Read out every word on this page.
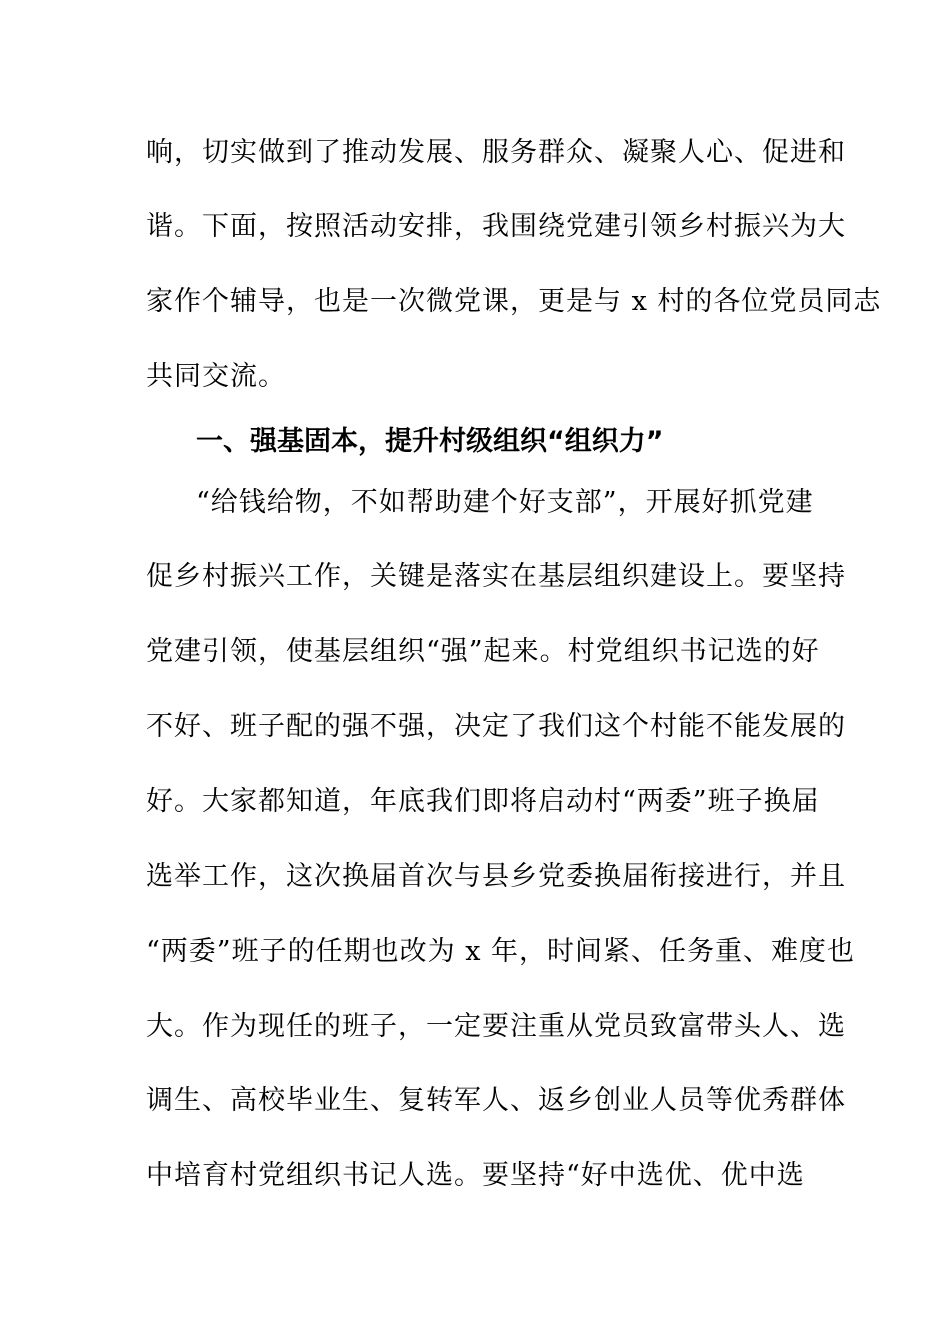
响，切实做到了推动发展、服务群众、凝聚人心、促进和
谐。下面，按照活动安排，我围绕党建引领乡村振兴为大
家作个辅导，也是一次微党课，更是与 x 村的各位党员同志
共同交流。
一、强基固本，提升村级组织“组织力”
“给钱给物，不如帮助建个好支部”，开展好抓党建
促乡村振兴工作，关键是落实在基层组织建设上。要坚持
党建引领，使基层组织“强”起来。村党组织书记选的好
不好、班子配的强不强，决定了我们这个村能不能发展的
好。大家都知道，年底我们即将启动村“两委”班子换届
选举工作，这次换届首次与县乡党委换届衔接进行，并且
“两委”班子的任期也改为 x 年，时间紧、任务重、难度也
大。作为现任的班子，一定要注重从党员致富带头人、选
调生、高校毕业生、复转军人、返乡创业人员等优秀群体
中培育村党组织书记人选。要坚持“好中选优、优中选
